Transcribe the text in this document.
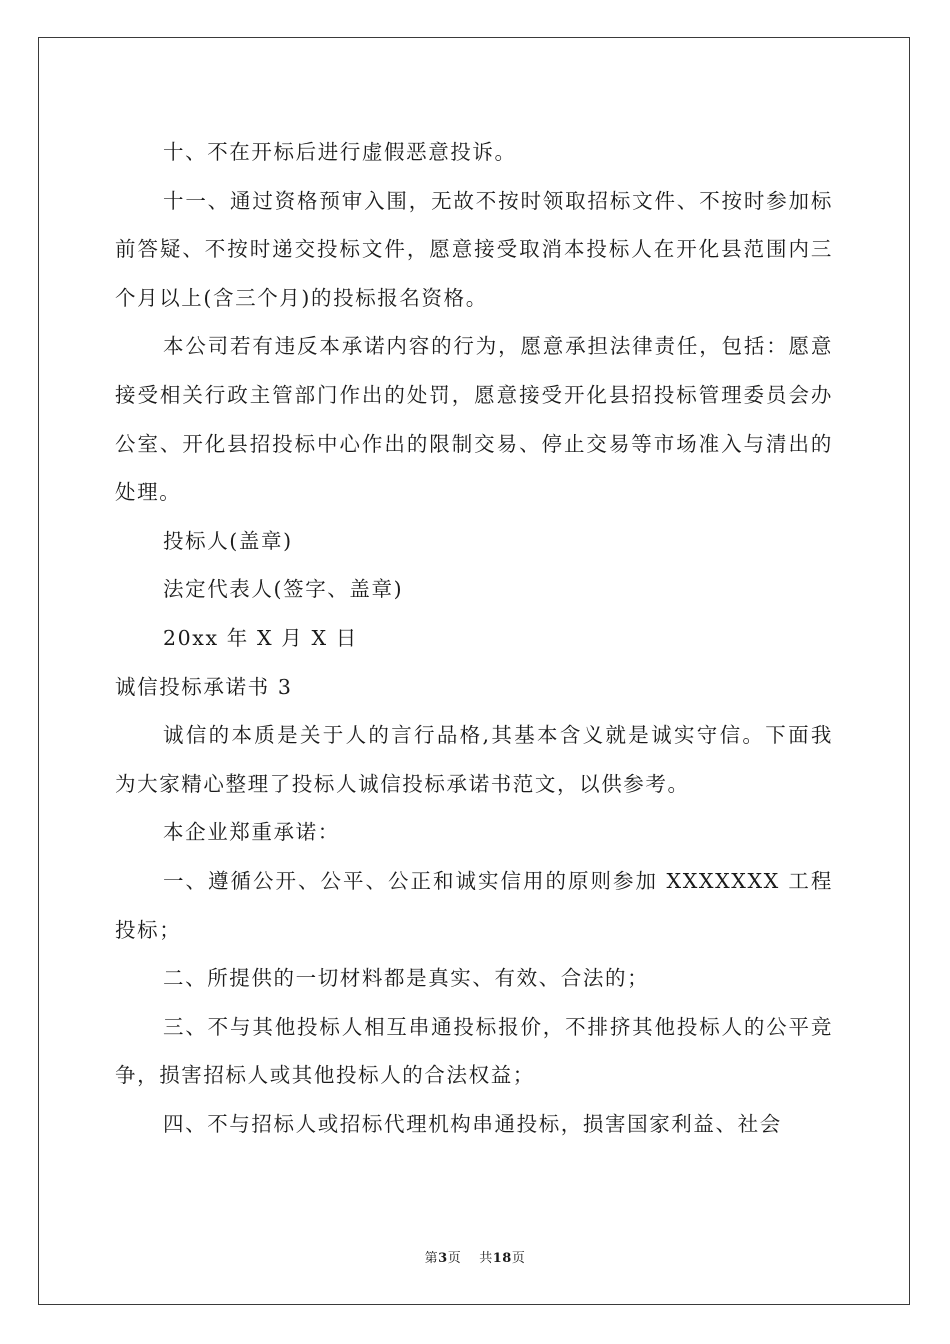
十、不在开标后进行虚假恶意投诉。

十一、通过资格预审入围，无故不按时领取招标文件、不按时参加标前答疑、不按时递交投标文件，愿意接受取消本投标人在开化县范围内三个月以上(含三个月)的投标报名资格。

本公司若有违反本承诺内容的行为，愿意承担法律责任，包括：愿意接受相关行政主管部门作出的处罚，愿意接受开化县招投标管理委员会办公室、开化县招投标中心作出的限制交易、停止交易等市场准入与清出的处理。

投标人(盖章)

法定代表人(签字、盖章)

20xx 年 X 月 X 日

诚信投标承诺书 3

诚信的本质是关于人的言行品格,其基本含义就是诚实守信。下面我为大家精心整理了投标人诚信投标承诺书范文，以供参考。

本企业郑重承诺：

一、遵循公开、公平、公正和诚实信用的原则参加 XXXXXXX 工程投标；

二、所提供的一切材料都是真实、有效、合法的；

三、不与其他投标人相互串通投标报价，不排挤其他投标人的公平竞争，损害招标人或其他投标人的合法权益；

四、不与招标人或招标代理机构串通投标，损害国家利益、社会

第3页 共18页
